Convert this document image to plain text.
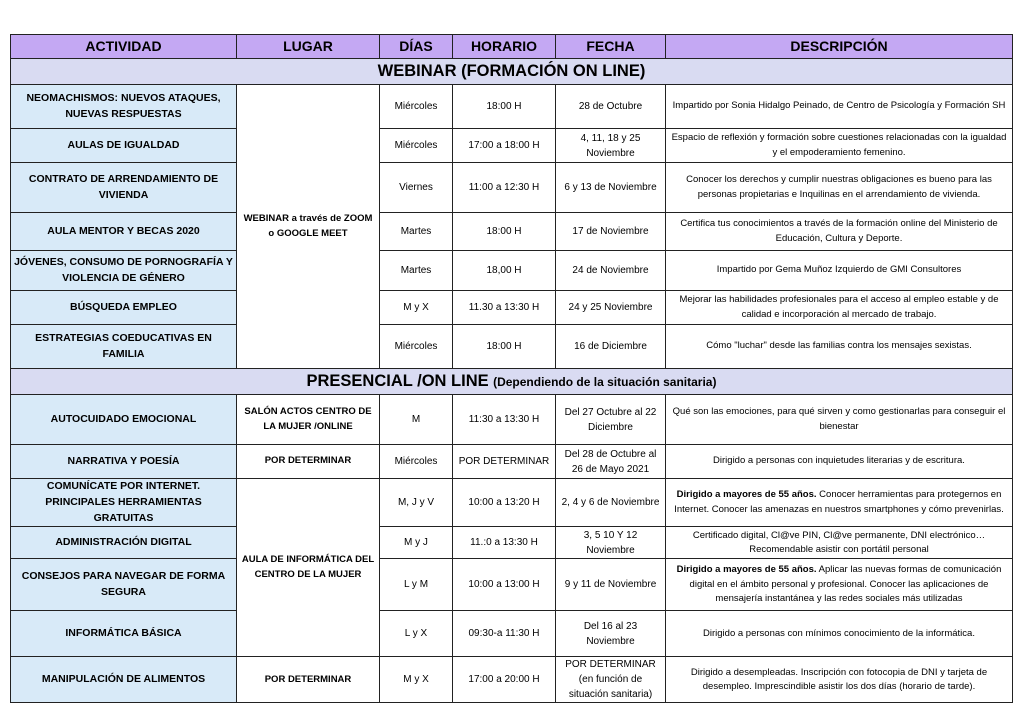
ACTIVIDAD	LUGAR	DÍAS	HORARIO	FECHA	DESCRIPCIÓN
WEBINAR (FORMACIÓN ON LINE)					
NEOMACHISMOS: NUEVOS ATAQUES, NUEVAS RESPUESTAS	WEBINAR a través de ZOOM o GOOGLE MEET	Miércoles	18:00 H	28 de Octubre	Impartido por Sonia Hidalgo Peinado, de Centro de Psicología y Formación SH
AULAS DE IGUALDAD		Miércoles	17:00 a 18:00 H	4, 11, 18 y 25 Noviembre	Espacio de reflexión y formación sobre cuestiones relacionadas con la igualdad y el empoderamiento femenino.
CONTRATO DE ARRENDAMIENTO DE VIVIENDA		Viernes	11:00 a 12:30 H	6 y 13 de Noviembre	Conocer los derechos y cumplir nuestras obligaciones es bueno para las personas propietarias e Inquilinas en el arrendamiento de vivienda.
AULA MENTOR Y BECAS 2020		Martes	18:00 H	17 de Noviembre	Certifica tus conocimientos a través de la formación online del Ministerio de Educación, Cultura y Deporte.
JÓVENES, CONSUMO DE PORNOGRAFÍA Y VIOLENCIA DE GÉNERO		Martes	18,00 H	24 de Noviembre	Impartido por Gema Muñoz Izquierdo de GMI Consultores
BÚSQUEDA EMPLEO		M y X	11.30 a 13:30 H	24 y 25 Noviembre	Mejorar las habilidades profesionales para el acceso al empleo estable y de calidad e incorporación al mercado de trabajo.
ESTRATEGIAS COEDUCATIVAS EN FAMILIA		Miércoles	18:00 H	16 de Diciembre	Cómo "luchar" desde las familias contra los mensajes sexistas.
PRESENCIAL /ON LINE (Dependiendo de la situación sanitaria)					
AUTOCUIDADO EMOCIONAL	SALÓN ACTOS CENTRO DE LA MUJER /ONLINE	M	11:30 a 13:30 H	Del 27 Octubre al 22 Diciembre	Qué son las emociones, para qué sirven y como gestionarlas para conseguir el bienestar
NARRATIVA Y POESÍA	POR DETERMINAR	Miércoles	POR DETERMINAR	Del 28 de Octubre al 26 de Mayo 2021	Dirigido a personas con inquietudes literarias y de escritura.
COMUNÍCATE POR INTERNET. PRINCIPALES HERRAMIENTAS GRATUITAS	AULA DE INFORMÁTICA DEL CENTRO DE LA MUJER	M, J y V	10:00 a 13:20 H	2, 4 y 6 de Noviembre	Dirigido a mayores de 55 años. Conocer herramientas para protegernos en Internet. Conocer las amenazas en nuestros smartphones y cómo prevenirlas.
ADMINISTRACIÓN DIGITAL		M y J	11.:0 a 13:30 H	3, 5 10 Y 12 Noviembre	Certificado digital, Cl@ve PIN, Cl@ve permanente, DNI electrónico… Recomendable asistir con portátil personal
CONSEJOS PARA NAVEGAR DE FORMA SEGURA		L y M	10:00 a 13:00 H	9 y 11 de Noviembre	Dirigido a mayores de 55 años. Aplicar las nuevas formas de comunicación digital en el ámbito personal y profesional. Conocer las aplicaciones de mensajería instantánea y las redes sociales más utilizadas
INFORMÁTICA BÁSICA		L y X	09:30-a 11:30 H	Del 16 al 23 Noviembre	Dirigido a personas con mínimos conocimiento de la informática.
MANIPULACIÓN DE ALIMENTOS	POR DETERMINAR	M y X	17:00 a 20:00 H	POR DETERMINAR (en función de situación sanitaria)	Dirigido a desempleadas. Inscripción con fotocopia de DNI y tarjeta de desempleo. Imprescindible asistir los dos días (horario de tarde).
